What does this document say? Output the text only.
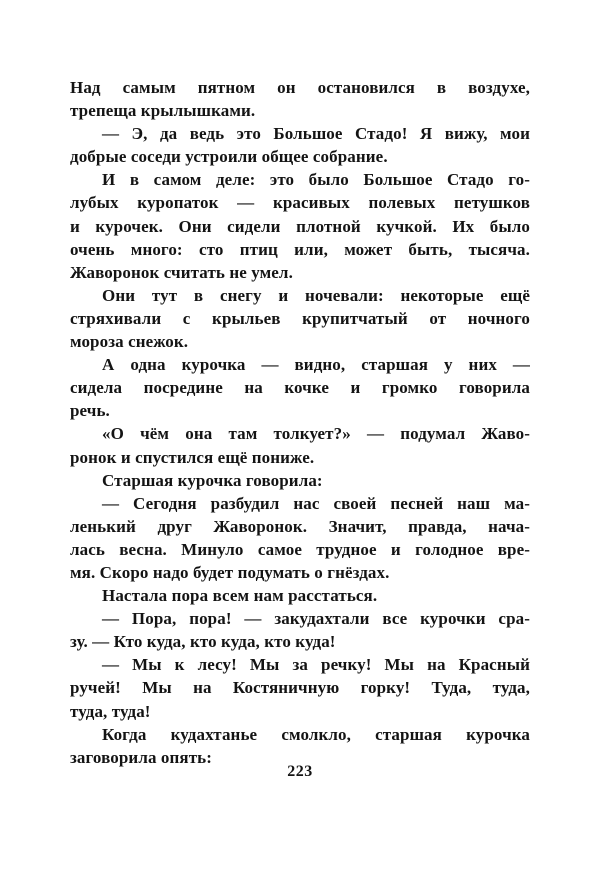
Над самым пятном он остановился в воздухе,
трепеща крылышками.
— Э, да ведь это Большое Стадо! Я вижу, мои
добрые соседи устроили общее собрание.
И в самом деле: это было Большое Стадо го-
лубых куропаток — красивых полевых петушков
и курочек. Они сидели плотной кучкой. Их было
очень много: сто птиц или, может быть, тысяча.
Жаворонок считать не умел.
Они тут в снегу и ночевали: некоторые ещё
стряхивали с крыльев крупитчатый от ночного
мороза снежок.
А одна курочка — видно, старшая у них —
сидела посредине на кочке и громко говорила
речь.
«О чём она там толкует?» — подумал Жаво-
ронок и спустился ещё пониже.
Старшая курочка говорила:
— Сегодня разбудил нас своей песней наш ма-
ленький друг Жаворонок. Значит, правда, нача-
лась весна. Минуло самое трудное и голодное вре-
мя. Скоро надо будет подумать о гнёздах.
Настала пора всем нам расстаться.
— Пора, пора! — закудахтали все курочки сра-
зу. — Кто куда, кто куда, кто куда!
— Мы к лесу! Мы за речку! Мы на Красный
ручей! Мы на Костяничную горку! Туда, туда,
туда, туда!
Когда кудахтанье смолкло, старшая курочка
заговорила опять:
223
